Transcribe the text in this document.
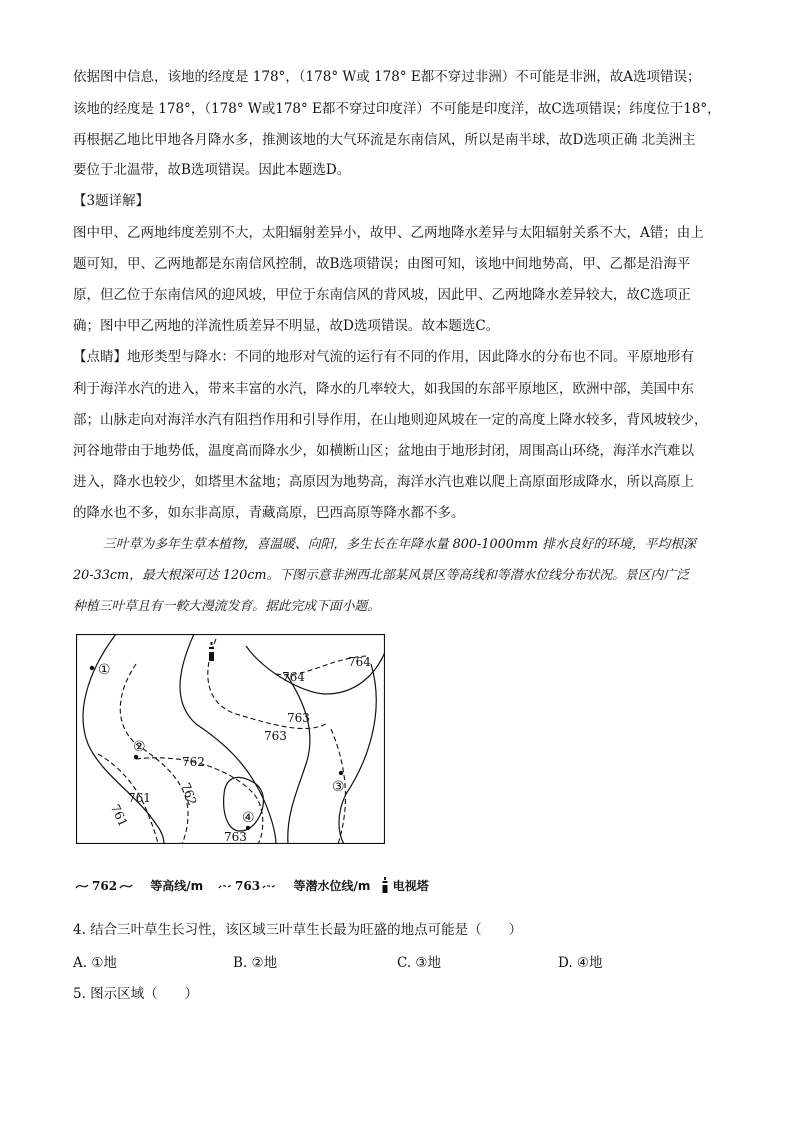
依据图中信息，该地的经度是 178°，（178° W或 178° E都不穿过非洲）不可能是非洲，故A选项错误；
该地的经度是 178°，（178° W或178° E都不穿过印度洋）不可能是印度洋，故C选项错误；纬度位于18°，
再根据乙地比甲地各月降水多，推测该地的大气环流是东南信风，所以是南半球，故D选项正确 北美洲主
要位于北温带，故B选项错误。因此本题选D。
【3题详解】
图中甲、乙两地纬度差别不大，太阳辐射差异小，故甲、乙两地降水差异与太阳辐射关系不大，A错；由上
题可知，甲、乙两地都是东南信风控制，故B选项错误；由图可知，该地中间地势高，甲、乙都是沿海平
原，但乙位于东南信风的迎风坡，甲位于东南信风的背风坡，因此甲、乙两地降水差异较大，故C选项正
确；图中甲乙两地的洋流性质差异不明显，故D选项错误。故本题选C。
【点睛】地形类型与降水：不同的地形对气流的运行有不同的作用，因此降水的分布也不同。平原地形有
利于海洋水汽的进入，带来丰富的水汽，降水的几率较大，如我国的东部平原地区，欧洲中部，美国中东
部；山脉走向对海洋水汽有阻挡作用和引导作用，在山地则迎风坡在一定的高度上降水较多，背风坡较少，
河谷地带由于地势低，温度高而降水少，如横断山区；盆地由于地形封闭，周围高山环绕，海洋水汽难以
进入，降水也较少，如塔里木盆地；高原因为地势高，海洋水汽也难以爬上高原面形成降水，所以高原上
的降水也不多，如东非高原，青藏高原，巴西高原等降水都不多。
三叶草为多年生草本植物，喜温暖、向阳，多生长在年降水量 800-1000mm 排水良好的环境，平均根深
20-33cm，最大根深可达 120cm。下图示意非洲西北部某风景区等高线和等潜水位线分布状况。景区内广泛
种植三叶草且有一較大漫流发育。据此完成下面小题。
764
764
763
763
762
761 762
761
763
①
②
③
④
762	等高线/m	763	等潜水位线/m 电视塔
4. 结合三叶草生长习性，该区域三叶草生长最为旺盛的地点可能是（　　）
A. ①地	B. ②地	C. ③地	D. ④地
5. 图示区域（　　）
